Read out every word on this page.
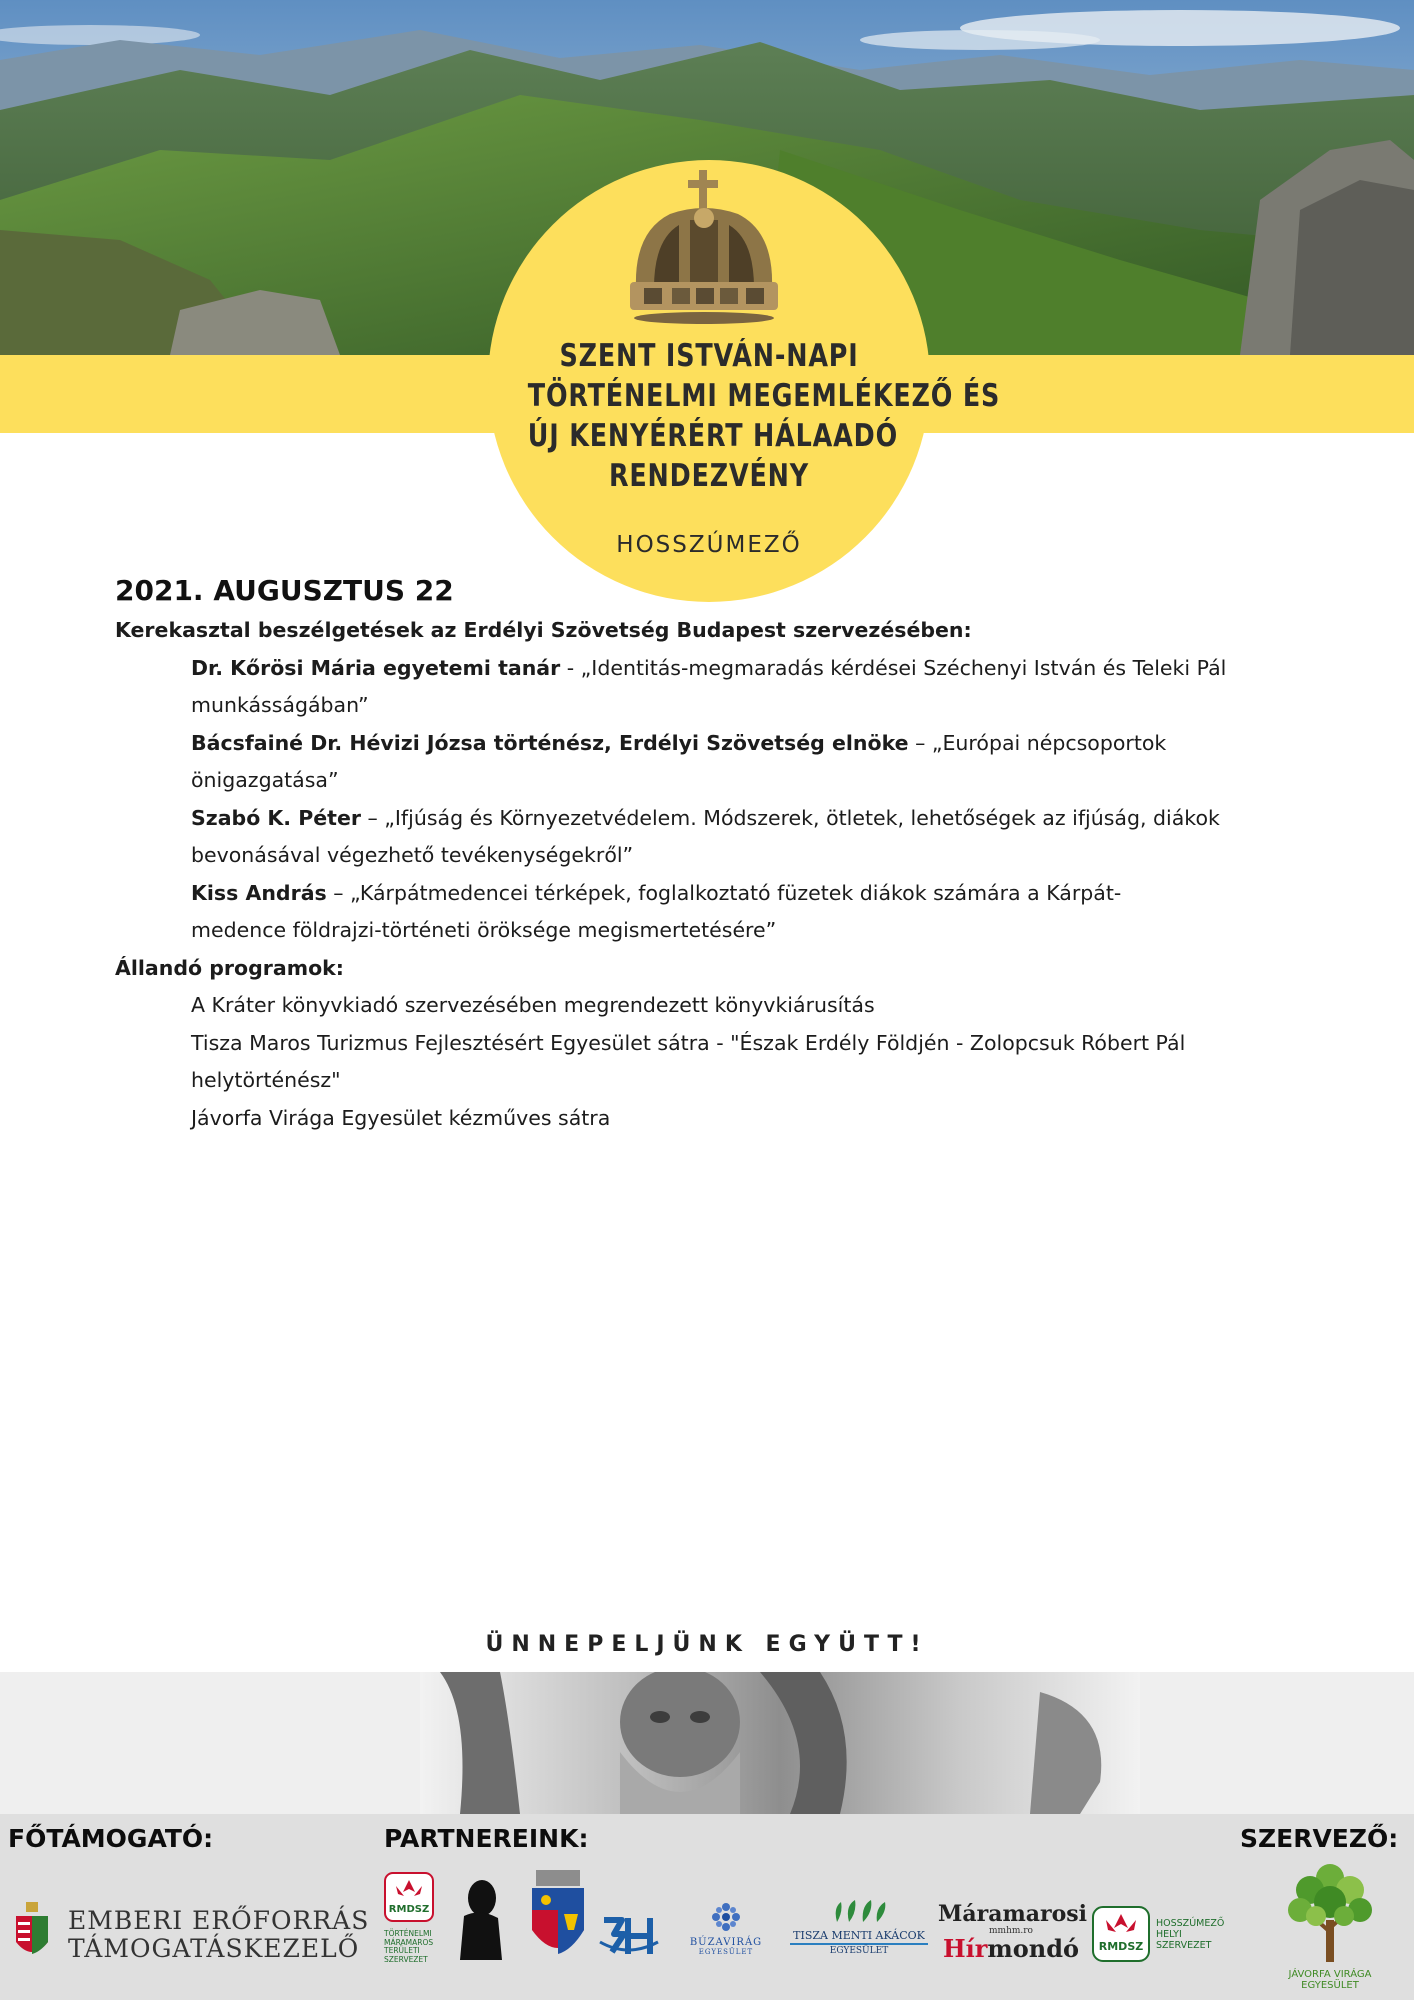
SZENT ISTVÁN-NAPI
TÖRTÉNELMI MEGEMLÉKEZŐ ÉS
ÚJ KENYÉRÉRT HÁLAADÓ
RENDEZVÉNY
HOSSZÚMEZŐ
2021. AUGUSZTUS 22
Kerekasztal beszélgetések az Erdélyi Szövetség Budapest szervezésében:
Dr. Kőrösi Mária egyetemi tanár - „Identitás-megmaradás kérdései Széchenyi István és Teleki Pál
munkásságában”
Bácsfainé Dr. Hévizi Józsa történész, Erdélyi Szövetség elnöke – „Európai népcsoportok
önigazgatása”
Szabó K. Péter – „Ifjúság és Környezetvédelem. Módszerek, ötletek, lehetőségek az ifjúság, diákok
bevonásával végezhető tevékenységekről”
Kiss András – „Kárpátmedencei térképek, foglalkoztató füzetek diákok számára a Kárpát-
medence földrajzi-történeti öröksége megismertetésére”
Állandó programok:
A Kráter könyvkiadó szervezésében megrendezett könyvkiárusítás
Tisza Maros Turizmus Fejlesztésért Egyesület sátra - "Észak Erdély Földjén - Zolopcsuk Róbert Pál
helytörténész"
Jávorfa Virága Egyesület kézműves sátra
ÜNNEPELJÜNK EGYÜTT!
FŐTÁMOGATÓ:	PARTNEREINK:	SZERVEZŐ:
EMBERI ERŐFORRÁS
TÁMOGATÁSKEZELŐ
RMDSZ
TÖRTÉNELMI
MÁRAMAROS
TERÜLETI
SZERVEZET
BÚZAVIRÁG
EGYESÜLET
TISZA MENTI AKÁCOK
EGYESÜLET
Máramarosi
mmhm.ro
Hírmondó	RMDSZ
HOSSZÚMEZŐ
HELYI
SZERVEZET
JÁVORFA VIRÁGA
EGYESÜLET
